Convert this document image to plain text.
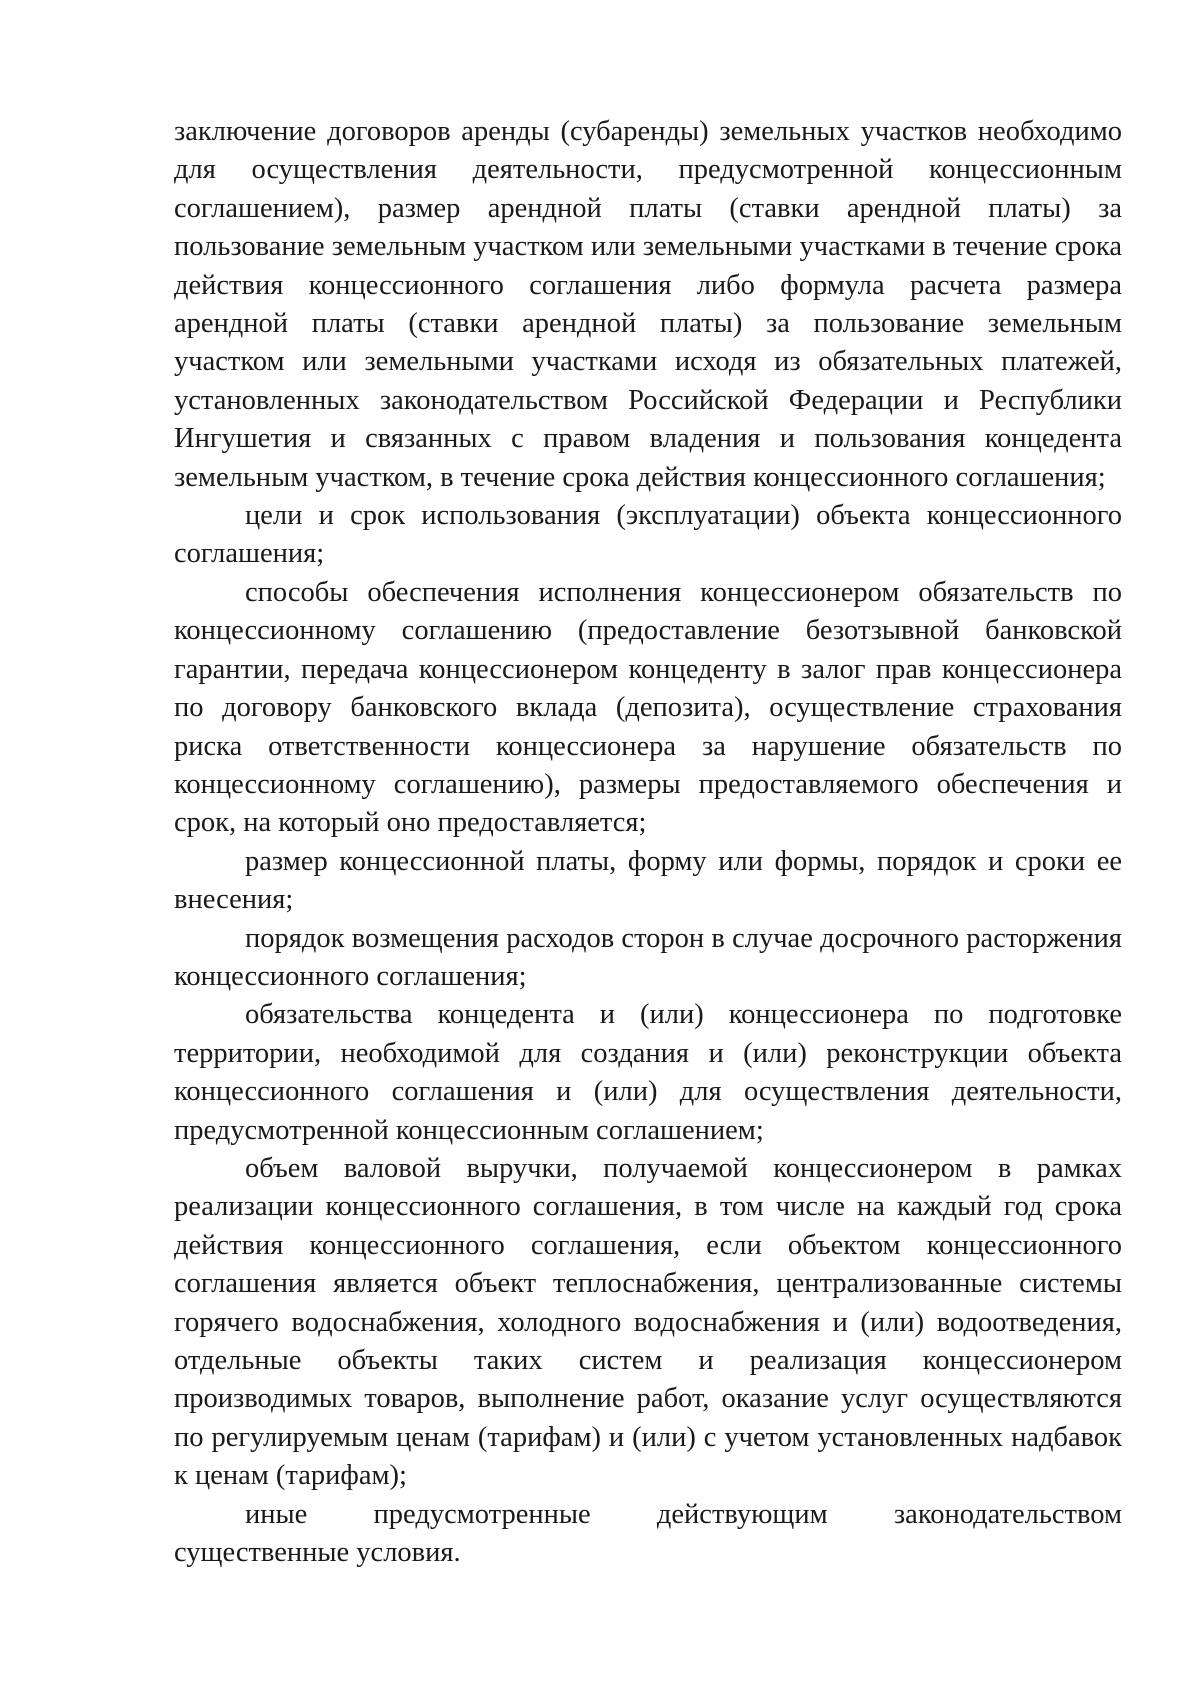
заключение договоров аренды (субаренды) земельных участков необходимо для осуществления деятельности, предусмотренной концессионным соглашением), размер арендной платы (ставки арендной платы) за пользование земельным участком или земельными участками в течение срока действия концессионного соглашения либо формула расчета размера арендной платы (ставки арендной платы) за пользование земельным участком или земельными участками исходя из обязательных платежей, установленных законодательством Российской Федерации и Республики Ингушетия и связанных с правом владения и пользования концедента земельным участком, в течение срока действия концессионного соглашения;

цели и срок использования (эксплуатации) объекта концессионного соглашения;

способы обеспечения исполнения концессионером обязательств по концессионному соглашению (предоставление безотзывной банковской гарантии, передача концессионером концеденту в залог прав концессионера по договору банковского вклада (депозита), осуществление страхования риска ответственности концессионера за нарушение обязательств по концессионному соглашению), размеры предоставляемого обеспечения и срок, на который оно предоставляется;

размер концессионной платы, форму или формы, порядок и сроки ее внесения;

порядок возмещения расходов сторон в случае досрочного расторжения концессионного соглашения;

обязательства концедента и (или) концессионера по подготовке территории, необходимой для создания и (или) реконструкции объекта концессионного соглашения и (или) для осуществления деятельности, предусмотренной концессионным соглашением;

объем валовой выручки, получаемой концессионером в рамках реализации концессионного соглашения, в том числе на каждый год срока действия концессионного соглашения, если объектом концессионного соглашения является объект теплоснабжения, централизованные системы горячего водоснабжения, холодного водоснабжения и (или) водоотведения, отдельные объекты таких систем и реализация концессионером производимых товаров, выполнение работ, оказание услуг осуществляются по регулируемым ценам (тарифам) и (или) с учетом установленных надбавок к ценам (тарифам);

иные предусмотренные действующим законодательством существенные условия.
